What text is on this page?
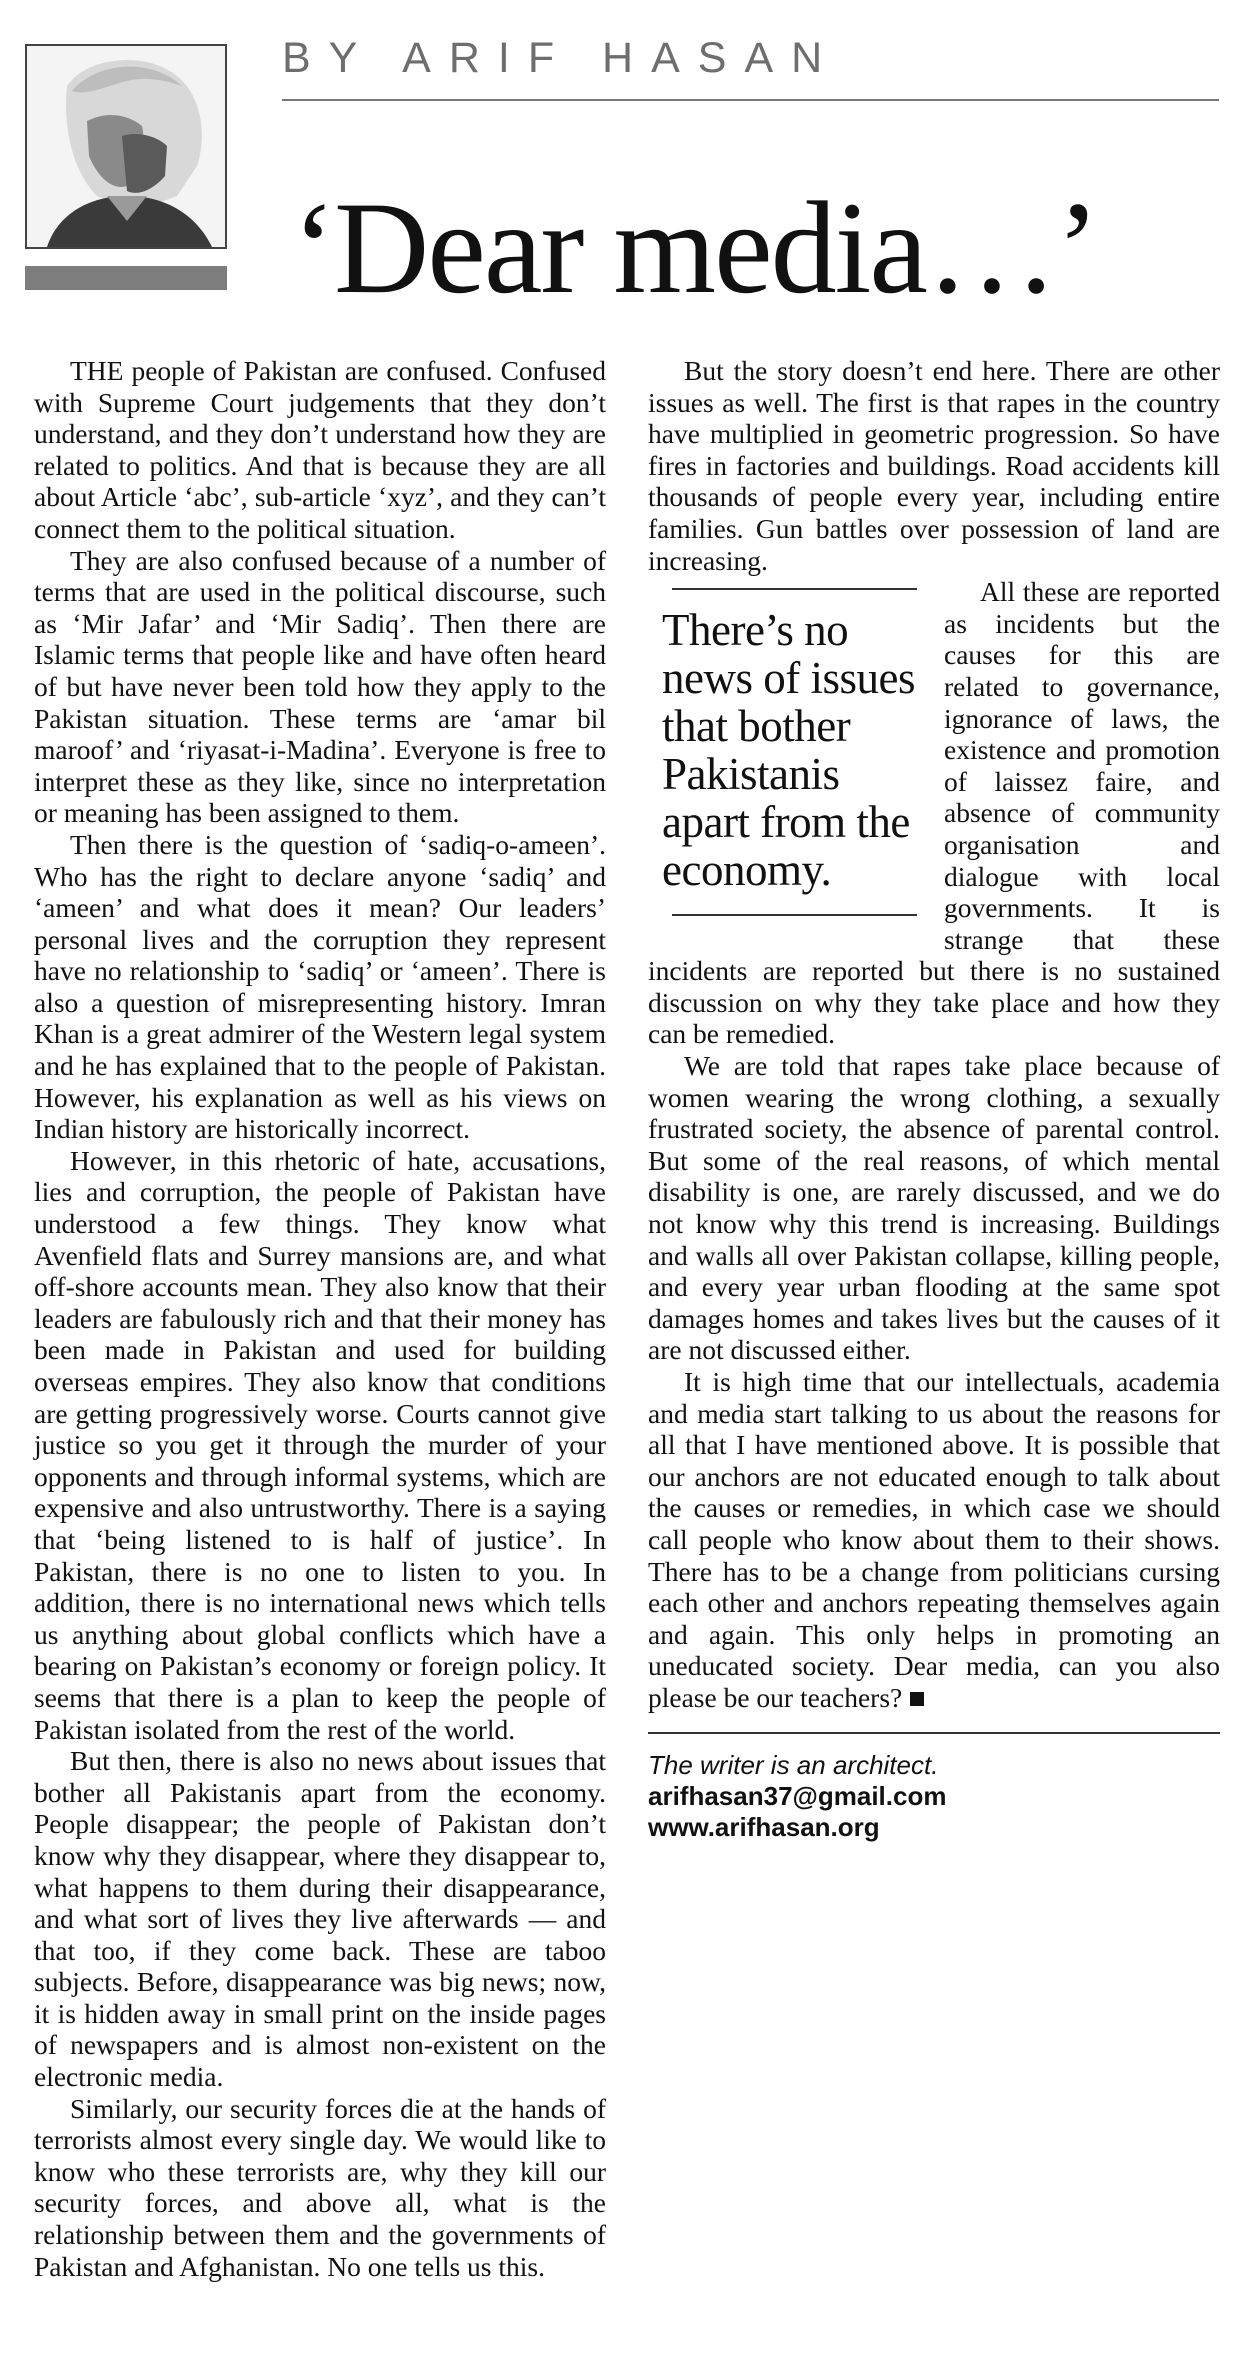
BY ARIF HASAN
‘Dear media…’

THE people of Pakistan are confused. Confused with Supreme Court judgements that they don’t understand, and they don’t understand how they are related to politics. And that is because they are all about Article ‘abc’, sub-article ‘xyz’, and they can’t connect them to the political situation.

They are also confused because of a number of terms that are used in the political discourse, such as ‘Mir Jafar’ and ‘Mir Sadiq’. Then there are Islamic terms that people like and have often heard of but have never been told how they apply to the Pakistan situation. These terms are ‘amar bil maroof’ and ‘riyasat-i-Madina’. Everyone is free to interpret these as they like, since no interpretation or meaning has been assigned to them.

Then there is the question of ‘sadiq-o-ameen’. Who has the right to declare anyone ‘sadiq’ and ‘ameen’ and what does it mean? Our leaders’ personal lives and the corruption they represent have no relationship to ‘sadiq’ or ‘ameen’. There is also a question of misrepresenting history. Imran Khan is a great admirer of the Western legal system and he has explained that to the people of Pakistan. However, his explanation as well as his views on Indian history are historically incorrect.

However, in this rhetoric of hate, accusations, lies and corruption, the people of Pakistan have understood a few things. They know what Avenfield flats and Surrey mansions are, and what off-shore accounts mean. They also know that their leaders are fabulously rich and that their money has been made in Pakistan and used for building overseas empires. They also know that conditions are getting progressively worse. Courts cannot give justice so you get it through the murder of your opponents and through informal systems, which are expensive and also untrustworthy. There is a saying that ‘being listened to is half of justice’. In Pakistan, there is no one to listen to you. In addition, there is no international news which tells us anything about global conflicts which have a bearing on Pakistan’s economy or foreign policy. It seems that there is a plan to keep the people of Pakistan isolated from the rest of the world.

But then, there is also no news about issues that bother all Pakistanis apart from the economy. People disappear; the people of Pakistan don’t know why they disappear, where they disappear to, what happens to them during their disappearance, and what sort of lives they live afterwards — and that too, if they come back. These are taboo subjects. Before, disappearance was big news; now, it is hidden away in small print on the inside pages of newspapers and is almost non-existent on the electronic media.

Similarly, our security forces die at the hands of terrorists almost every single day. We would like to know who these terrorists are, why they kill our security forces, and above all, what is the relationship between them and the governments of Pakistan and Afghanistan. No one tells us this.

But the story doesn’t end here. There are other issues as well. The first is that rapes in the country have multiplied in geometric progression. So have fires in factories and buildings. Road accidents kill thousands of people every year, including entire families. Gun battles over possession of land are increasing.

There’s no news of issues that bother Pakistanis apart from the economy.

All these are reported as incidents but the causes for this are related to governance, ignorance of laws, the existence and promotion of laissez faire, and absence of community organisation and dialogue with local governments. It is strange that these incidents are reported but there is no sustained discussion on why they take place and how they can be remedied.

We are told that rapes take place because of women wearing the wrong clothing, a sexually frustrated society, the absence of parental control. But some of the real reasons, of which mental disability is one, are rarely discussed, and we do not know why this trend is increasing. Buildings and walls all over Pakistan collapse, killing people, and every year urban flooding at the same spot damages homes and takes lives but the causes of it are not discussed either.

It is high time that our intellectuals, academia and media start talking to us about the reasons for all that I have mentioned above. It is possible that our anchors are not educated enough to talk about the causes or remedies, in which case we should call people who know about them to their shows. There has to be a change from politicians cursing each other and anchors repeating themselves again and again. This only helps in promoting an uneducated society. Dear media, can you also please be our teachers?

The writer is an architect.
arifhasan37@gmail.com
www.arifhasan.org
